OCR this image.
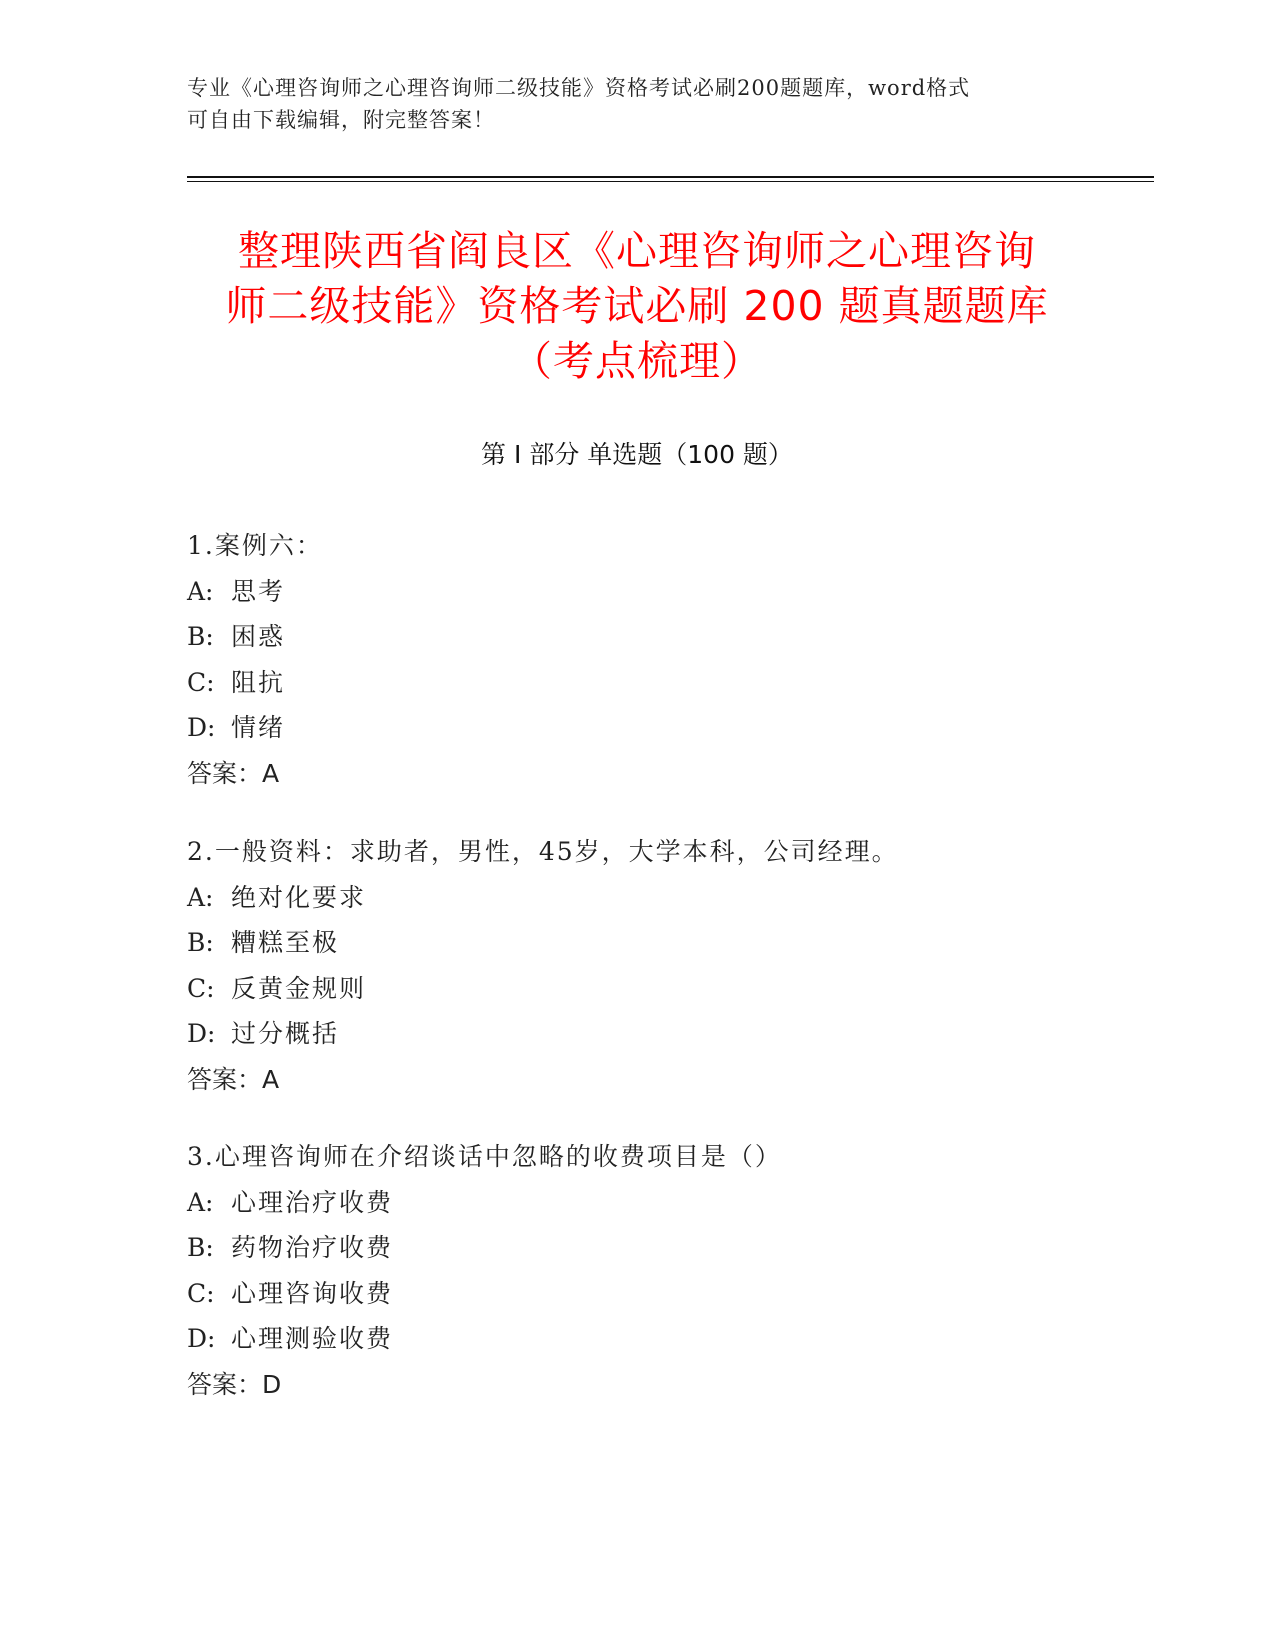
专业《心理咨询师之心理咨询师二级技能》资格考试必刷200题题库，word格式
可自由下载编辑，附完整答案！
整理陕西省阎良区《心理咨询师之心理咨询
师二级技能》资格考试必刷 200 题真题题库
（考点梳理）
第 I 部分 单选题（100 题）
1.案例六：
A: 思考
B: 困惑
C: 阻抗
D: 情绪
答案：A
2.一般资料：求助者，男性，45岁，大学本科，公司经理。
A: 绝对化要求
B: 糟糕至极
C: 反黄金规则
D: 过分概括
答案：A
3.心理咨询师在介绍谈话中忽略的收费项目是（）
A: 心理治疗收费
B: 药物治疗收费
C: 心理咨询收费
D: 心理测验收费
答案：D
